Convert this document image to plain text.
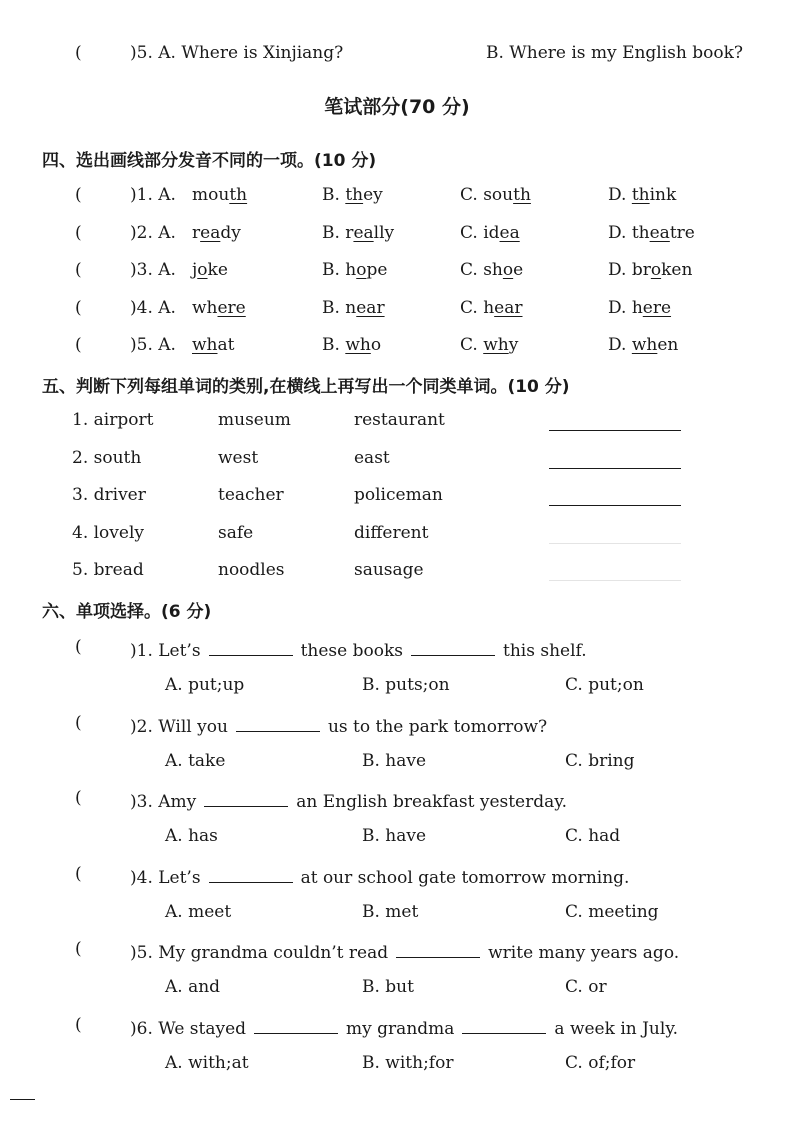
(	)5. A. Where is Xinjiang?	B. Where is my English book?
笔试部分(70 分)
四、选出画线部分发音不同的一项。(10 分)
(	)1. A. mouth	B. they	C. south	D. think
(	)2. A. ready	B. really	C. idea	D. theatre
(	)3. A. joke	B. hope	C. shoe	D. broken
(	)4. A. where	B. near	C. hear	D. here
(	)5. A. what	B. who	C. why	D. when
五、判断下列每组单词的类别,在横线上再写出一个同类单词。(10 分)
1. airport	museum	restaurant
2. south	west	east
3. driver	teacher	policeman
4. lovely	safe	different
5. bread	noodles	sausage
六、单项选择。(6 分)
(	)1. Let’s	these books	this shelf.
A. put;up	B. puts;on	C. put;on
(	)2. Will you	us to the park tomorrow?
A. take	B. have	C. bring
(	)3. Amy	an English breakfast yesterday.
A. has	B. have	C. had
(	)4. Let’s	at our school gate tomorrow morning.
A. meet	B. met	C. meeting
(	)5. My grandma couldn’t read	write many years ago.
A. and	B. but	C. or
(	)6. We stayed	my grandma	a week in July.
A. with;at	B. with;for	C. of;for
